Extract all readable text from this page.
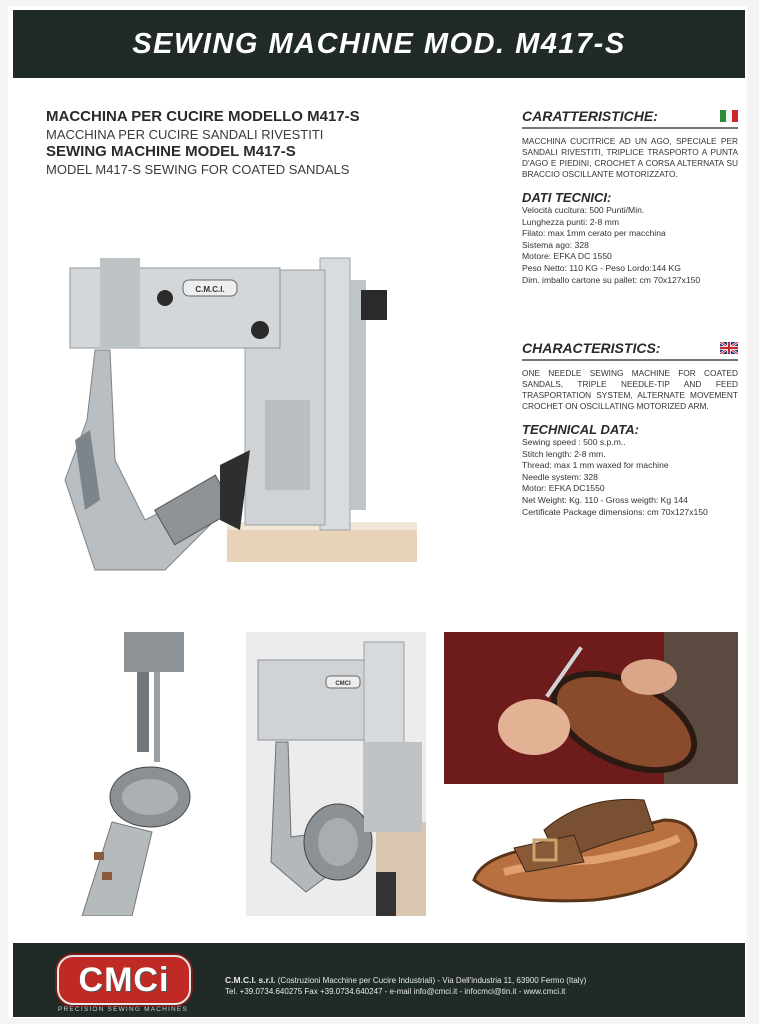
SEWING MACHINE MOD. M417-S
MACCHINA PER CUCIRE MODELLO M417-S
MACCHINA PER CUCIRE SANDALI RIVESTITI
SEWING MACHINE MODEL M417-S
MODEL M417-S SEWING FOR COATED SANDALS
CARATTERISTICHE:
MACCHINA CUCITRICE AD UN AGO, SPECIALE PER SANDALI RIVESTITI, TRIPLICE TRASPORTO A PUNTA D'AGO E PIEDINI, CROCHET A CORSA ALTERNATA SU BRACCIO OSCILLANTE MOTORIZZATO.
DATI TECNICI:
Velocità cucitura: 500 Punti/Min.
Lunghezza punti: 2-8 mm
Filato: max 1mm cerato per macchina
Sistema ago: 328
Motore: EFKA DC 1550
Peso Netto: 110 KG - Peso Lordo:144 KG
Dim. imballo cartone su pallet: cm 70x127x150
CHARACTERISTICS:
ONE NEEDLE SEWING MACHINE FOR COATED SANDALS, TRIPLE NEEDLE-TIP AND FEED TRASPORTATION SYSTEM, ALTERNATE MOVEMENT CROCHET ON OSCILLATING MOTORIZED ARM.
TECHNICAL DATA:
Sewing speed : 500 s.p.m..
Stitch length: 2-8 mm.
Thread: max 1 mm waxed for machine
Needle system: 328
Motor: EFKA DC1550
Net Weight: Kg. 110 - Gross weigth: Kg 144
Certificate Package dimensions: cm 70x127x150
C.M.C.I.
CMCI
CMCi
PRECISION SEWING MACHINES
C.M.C.I. s.r.l. (Costruzioni Macchine per Cucire Industriali) - Via Dell'industria 11, 63900 Fermo (Italy)
Tel. +39.0734.640275 Fax +39.0734.640247 - e-mail info@cmci.it - infocmci@tin.it - www.cmci.it
